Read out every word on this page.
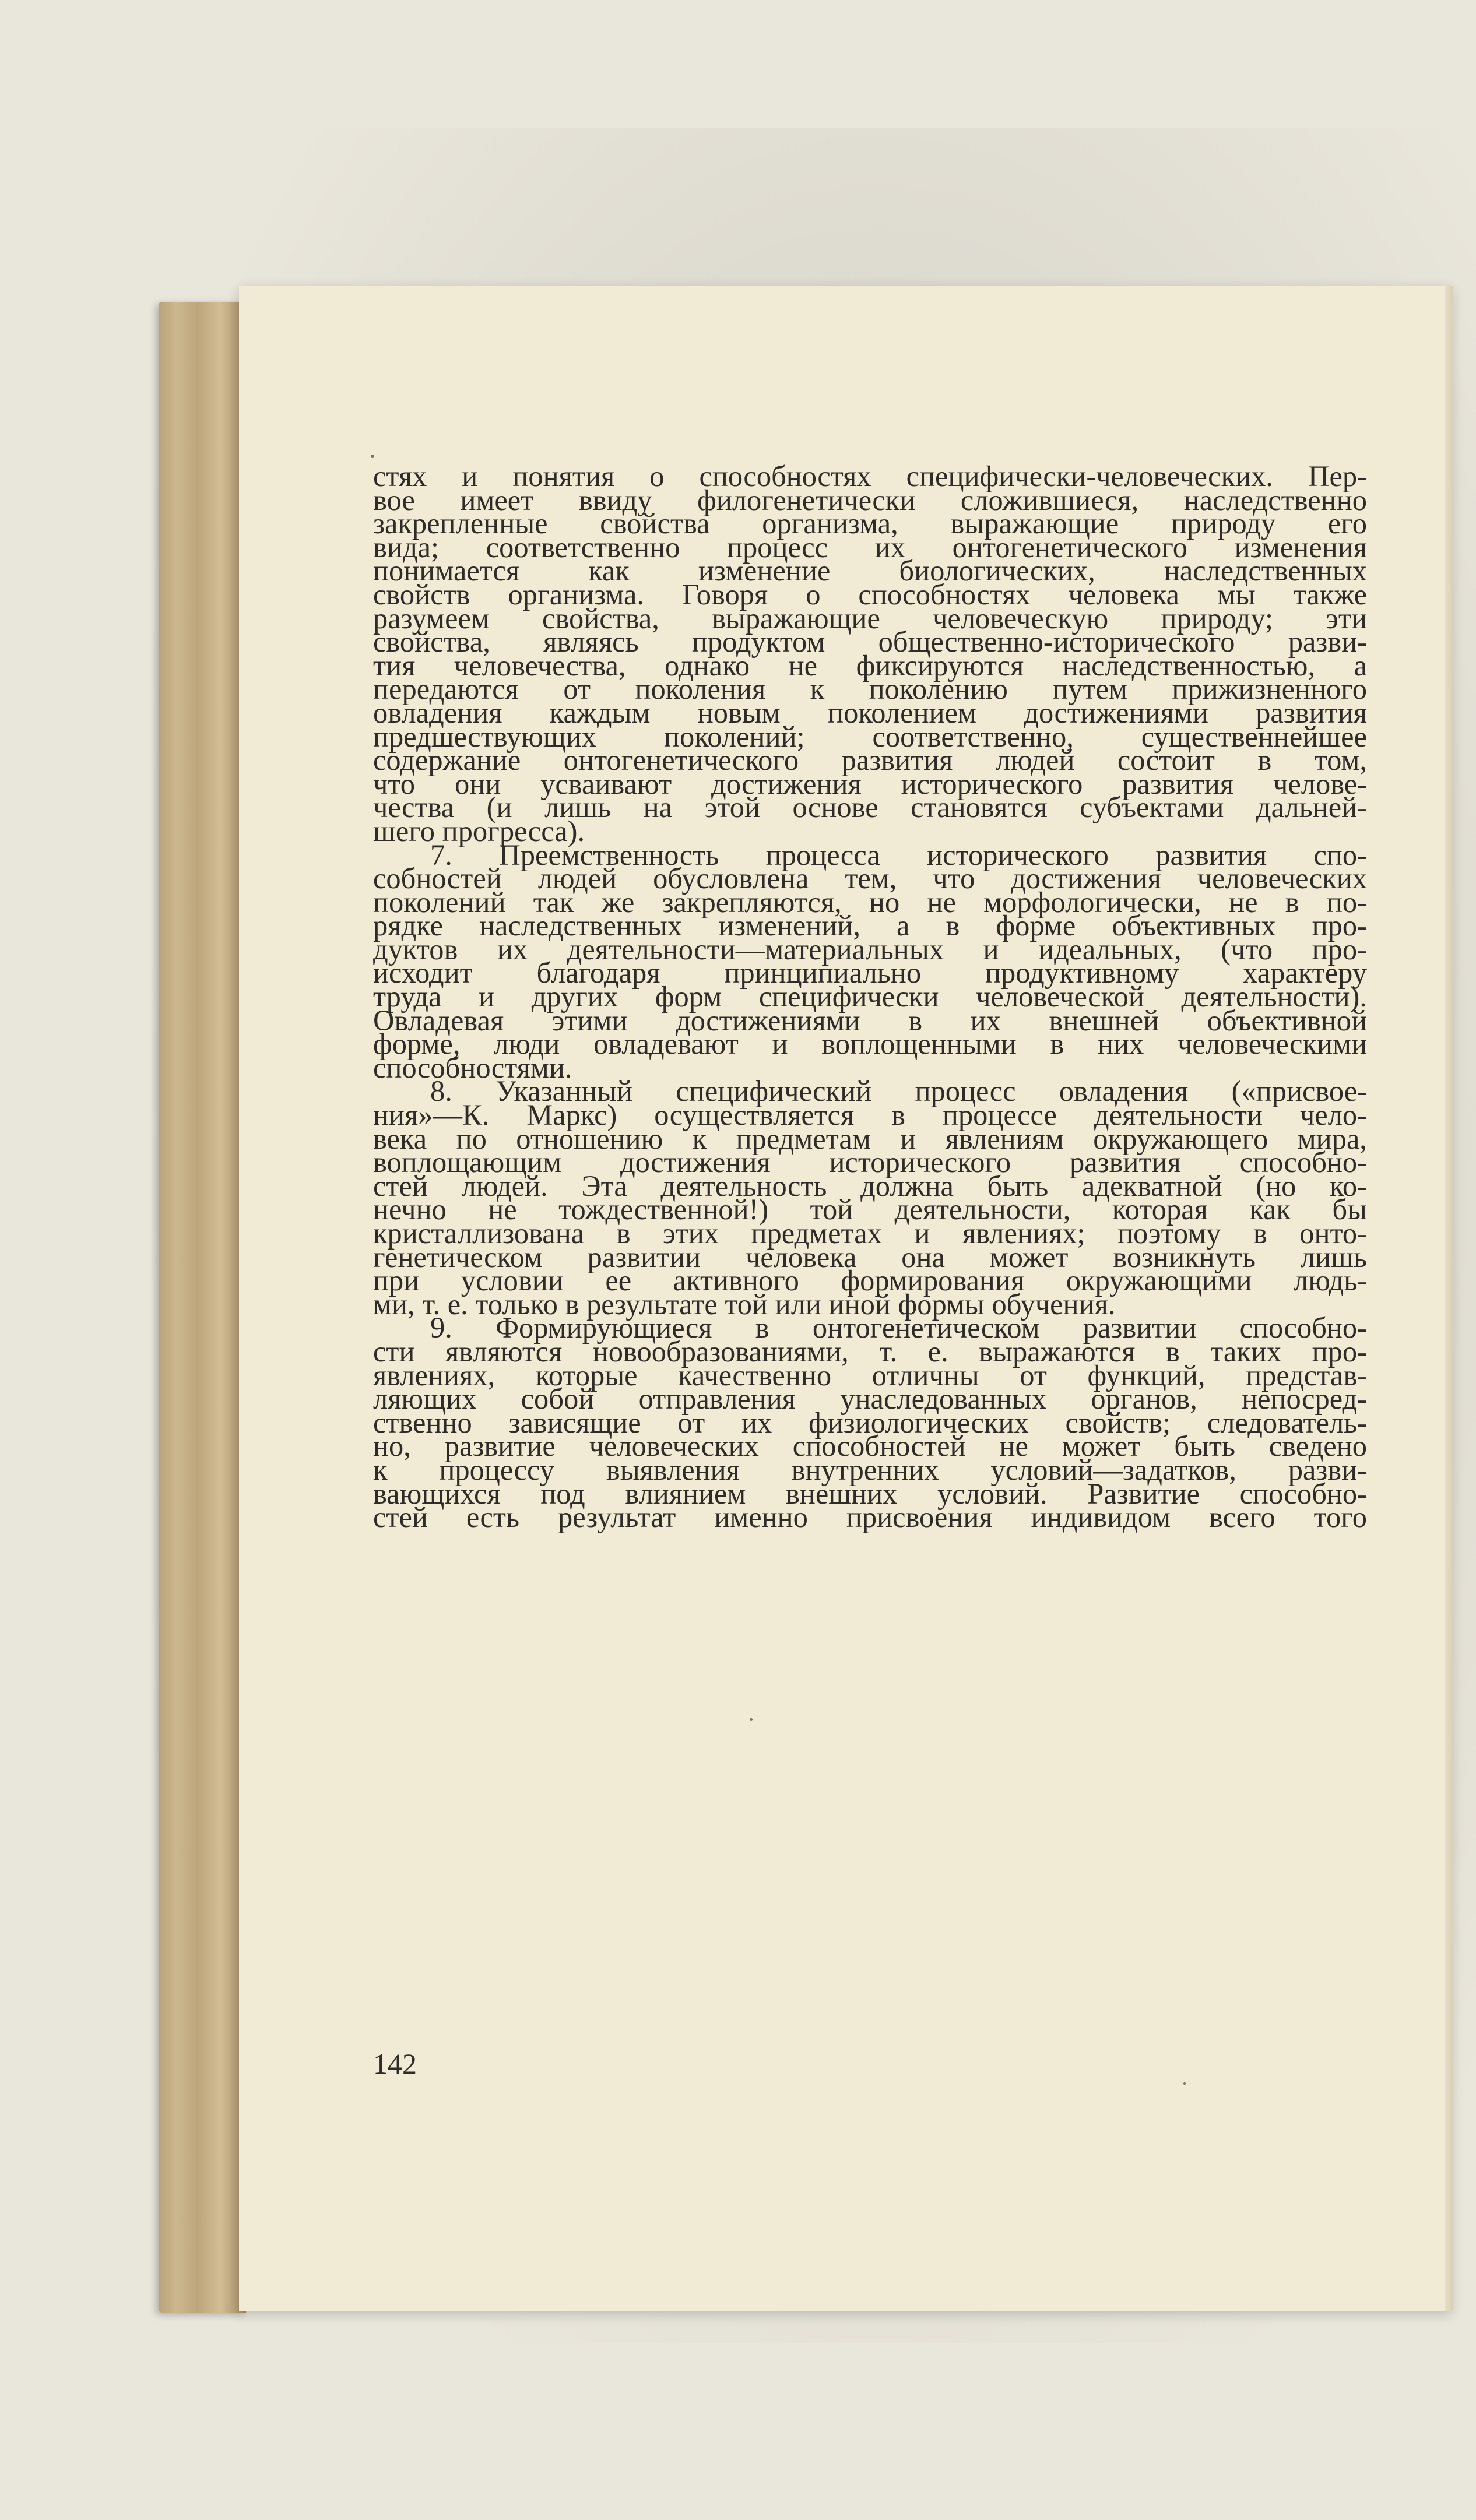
стях и понятия о способностях специфически-человеческих. Пер-

вое имеет ввиду филогенетически сложившиеся, наследственно

закрепленные свойства организма, выражающие природу его

вида; соответственно процесс их онтогенетического изменения

понимается как изменение биологических, наследственных

свойств организма. Говоря о способностях человека мы также

разумеем свойства, выражающие человеческую природу; эти

свойства, являясь продуктом общественно-исторического разви-

тия человечества, однако не фиксируются наследственностью, а

передаются от поколения к поколению путем прижизненного

овладения каждым новым поколением достижениями развития

предшествующих поколений; соответственно, существеннейшее

содержание онтогенетического развития людей состоит в том,

что они усваивают достижения исторического развития челове-

чества (и лишь на этой основе становятся субъектами дальней-

шего прогресса).

7. Преемственность процесса исторического развития спо-

собностей людей обусловлена тем, что достижения человеческих

поколений так же закрепляются, но не морфологически, не в по-

рядке наследственных изменений, а в форме объективных про-

дуктов их деятельности—материальных и идеальных, (что про-

исходит благодаря принципиально продуктивному характеру

труда и других форм специфически человеческой деятельности).

Овладевая этими достижениями в их внешней объективной

форме, люди овладевают и воплощенными в них человеческими

способностями.

8. Указанный специфический процесс овладения («присвое-

ния»—К. Маркс) осуществляется в процессе деятельности чело-

века по отношению к предметам и явлениям окружающего мира,

воплощающим достижения исторического развития способно-

стей людей. Эта деятельность должна быть адекватной (но ко-

нечно не тождественной!) той деятельности, которая как бы

кристаллизована в этих предметах и явлениях; поэтому в онто-

генетическом развитии человека она может возникнуть лишь

при условии ее активного формирования окружающими людь-

ми, т. е. только в результате той или иной формы обучения.

9. Формирующиеся в онтогенетическом развитии способно-

сти являются новообразованиями, т. е. выражаются в таких про-

явлениях, которые качественно отличны от функций, представ-

ляющих собой отправления унаследованных органов, непосред-

ственно зависящие от их физиологических свойств; следователь-

но, развитие человеческих способностей не может быть сведено

к процессу выявления внутренних условий—задатков, разви-

вающихся под влиянием внешних условий. Развитие способно-

стей есть результат именно присвоения индивидом всего того

142
